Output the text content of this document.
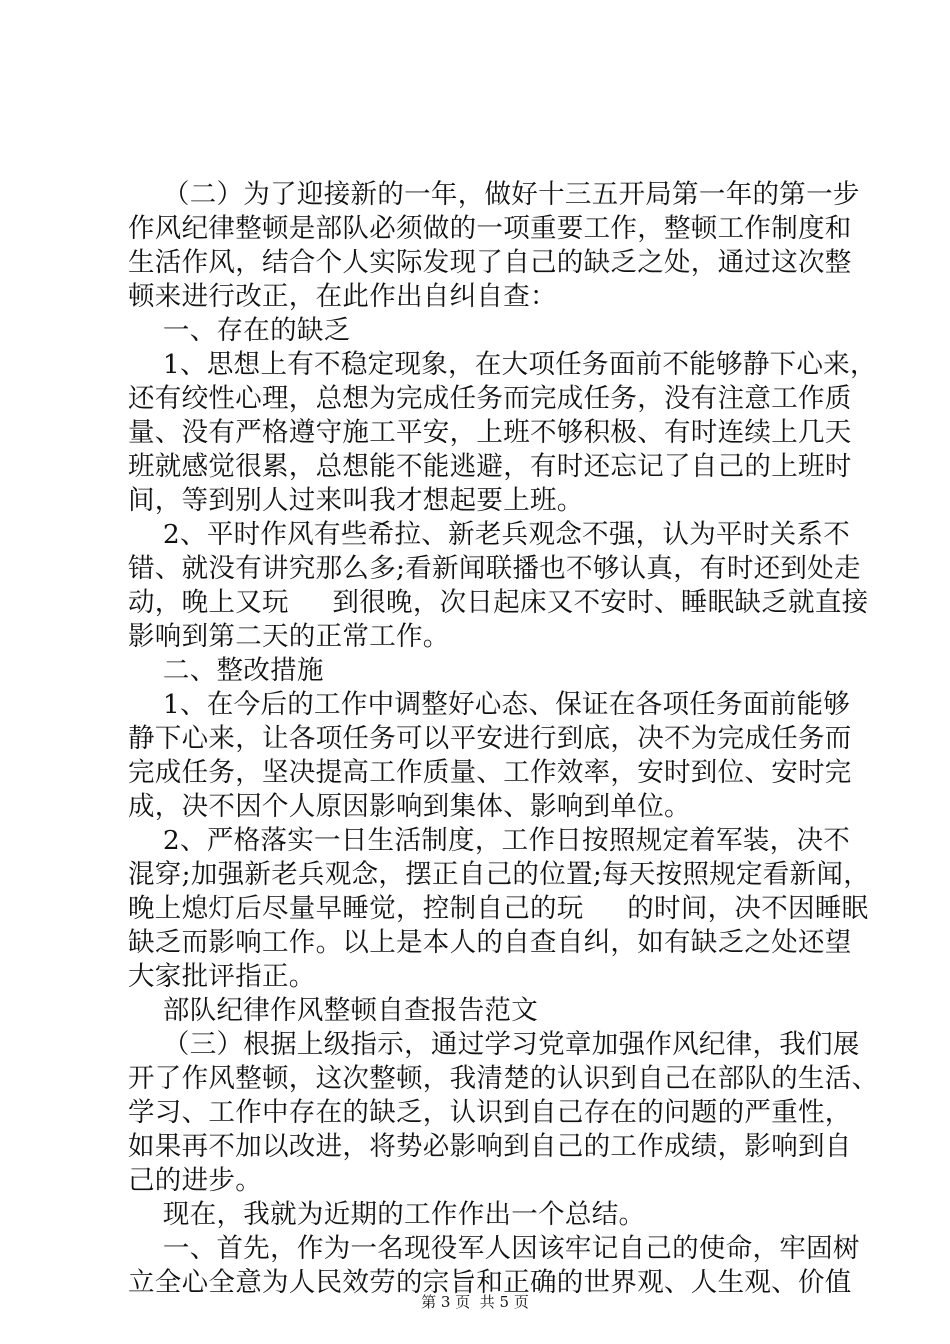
（二）为了迎接新的一年，做好十三五开局第一年的第一步
作风纪律整顿是部队必须做的一项重要工作，整顿工作制度和
生活作风，结合个人实际发现了自己的缺乏之处，通过这次整
顿来进行改正，在此作出自纠自查：
一、存在的缺乏
1、思想上有不稳定现象，在大项任务面前不能够静下心来，
还有绞性心理，总想为完成任务而完成任务，没有注意工作质
量、没有严格遵守施工平安，上班不够积极、有时连续上几天
班就感觉很累，总想能不能逃避，有时还忘记了自己的上班时
间，等到别人过来叫我才想起要上班。
2、平时作风有些希拉、新老兵观念不强，认为平时关系不
错、就没有讲究那么多;看新闻联播也不够认真，有时还到处走
动，晚上又玩     到很晚，次日起床又不安时、睡眠缺乏就直接
影响到第二天的正常工作。
二、整改措施
1、在今后的工作中调整好心态、保证在各项任务面前能够
静下心来，让各项任务可以平安进行到底，决不为完成任务而
完成任务，坚决提高工作质量、工作效率，安时到位、安时完
成，决不因个人原因影响到集体、影响到单位。
2、严格落实一日生活制度，工作日按照规定着军装，决不
混穿;加强新老兵观念，摆正自己的位置;每天按照规定看新闻，
晚上熄灯后尽量早睡觉，控制自己的玩     的时间，决不因睡眠
缺乏而影响工作。以上是本人的自查自纠，如有缺乏之处还望
大家批评指正。
部队纪律作风整顿自查报告范文
（三）根据上级指示，通过学习党章加强作风纪律，我们展
开了作风整顿，这次整顿，我清楚的认识到自己在部队的生活、
学习、工作中存在的缺乏，认识到自己存在的问题的严重性，
如果再不加以改进，将势必影响到自己的工作成绩，影响到自
己的进步。
现在，我就为近期的工作作出一个总结。
一、首先，作为一名现役军人因该牢记自己的使命，牢固树
立全心全意为人民效劳的宗旨和正确的世界观、人生观、价值
第 3 页  共 5 页
